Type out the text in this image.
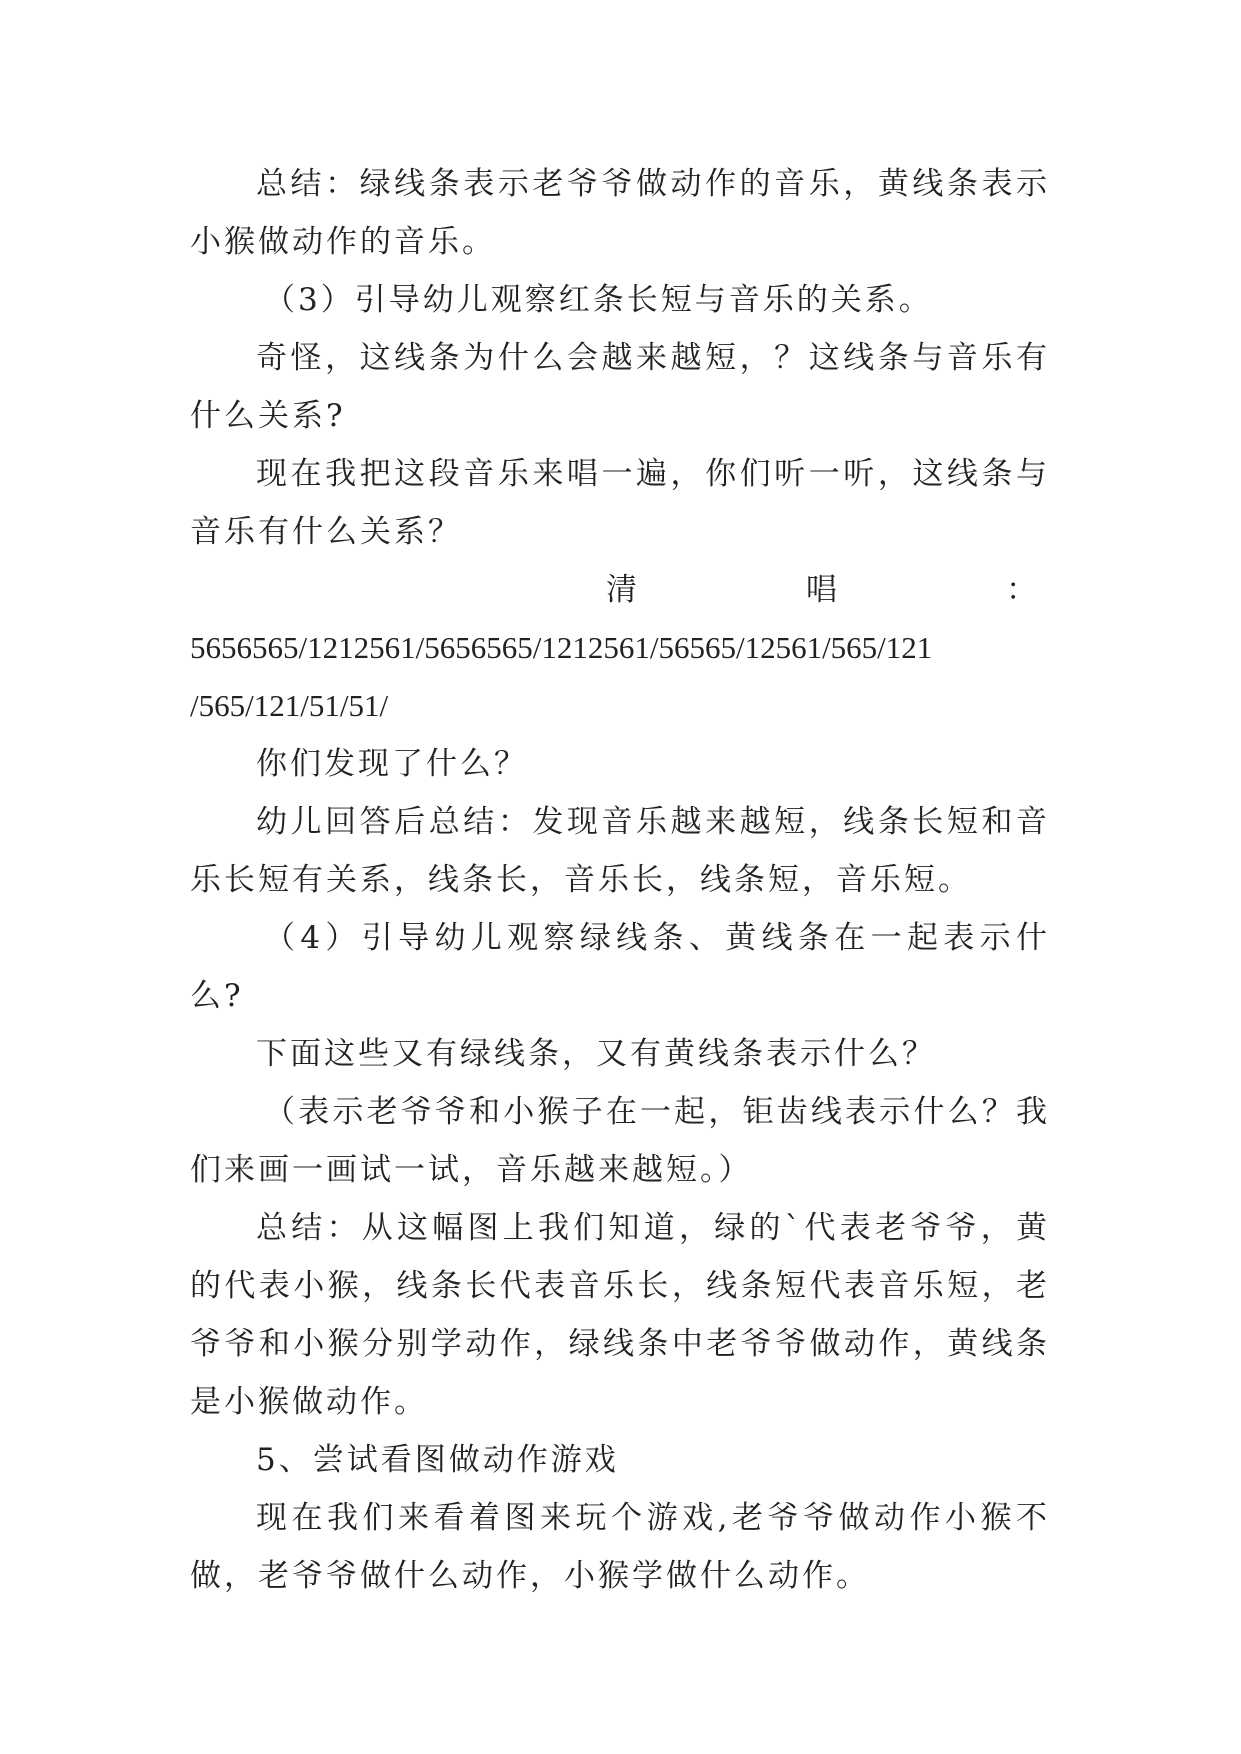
总结：绿线条表示老爷爷做动作的音乐，黄线条表示小猴做动作的音乐。

（3）引导幼儿观察红条长短与音乐的关系。

奇怪，这线条为什么会越来越短，？这线条与音乐有什么关系?

现在我把这段音乐来唱一遍，你们听一听，这线条与音乐有什么关系？

清	唱	：
5656565/1212561/5656565/1212561/56565/12561/565/121
/565/121/51/51/

你们发现了什么？

幼儿回答后总结：发现音乐越来越短，线条长短和音乐长短有关系，线条长，音乐长，线条短，音乐短。

（4）引导幼儿观察绿线条、黄线条在一起表示什么?

下面这些又有绿线条，又有黄线条表示什么？

（表示老爷爷和小猴子在一起，钜齿线表示什么？我们来画一画试一试，音乐越来越短。）

总结：从这幅图上我们知道，绿的`代表老爷爷，黄的代表小猴，线条长代表音乐长，线条短代表音乐短，老爷爷和小猴分别学动作，绿线条中老爷爷做动作，黄线条是小猴做动作。

5、尝试看图做动作游戏

现在我们来看着图来玩个游戏,老爷爷做动作小猴不做，老爷爷做什么动作，小猴学做什么动作。
